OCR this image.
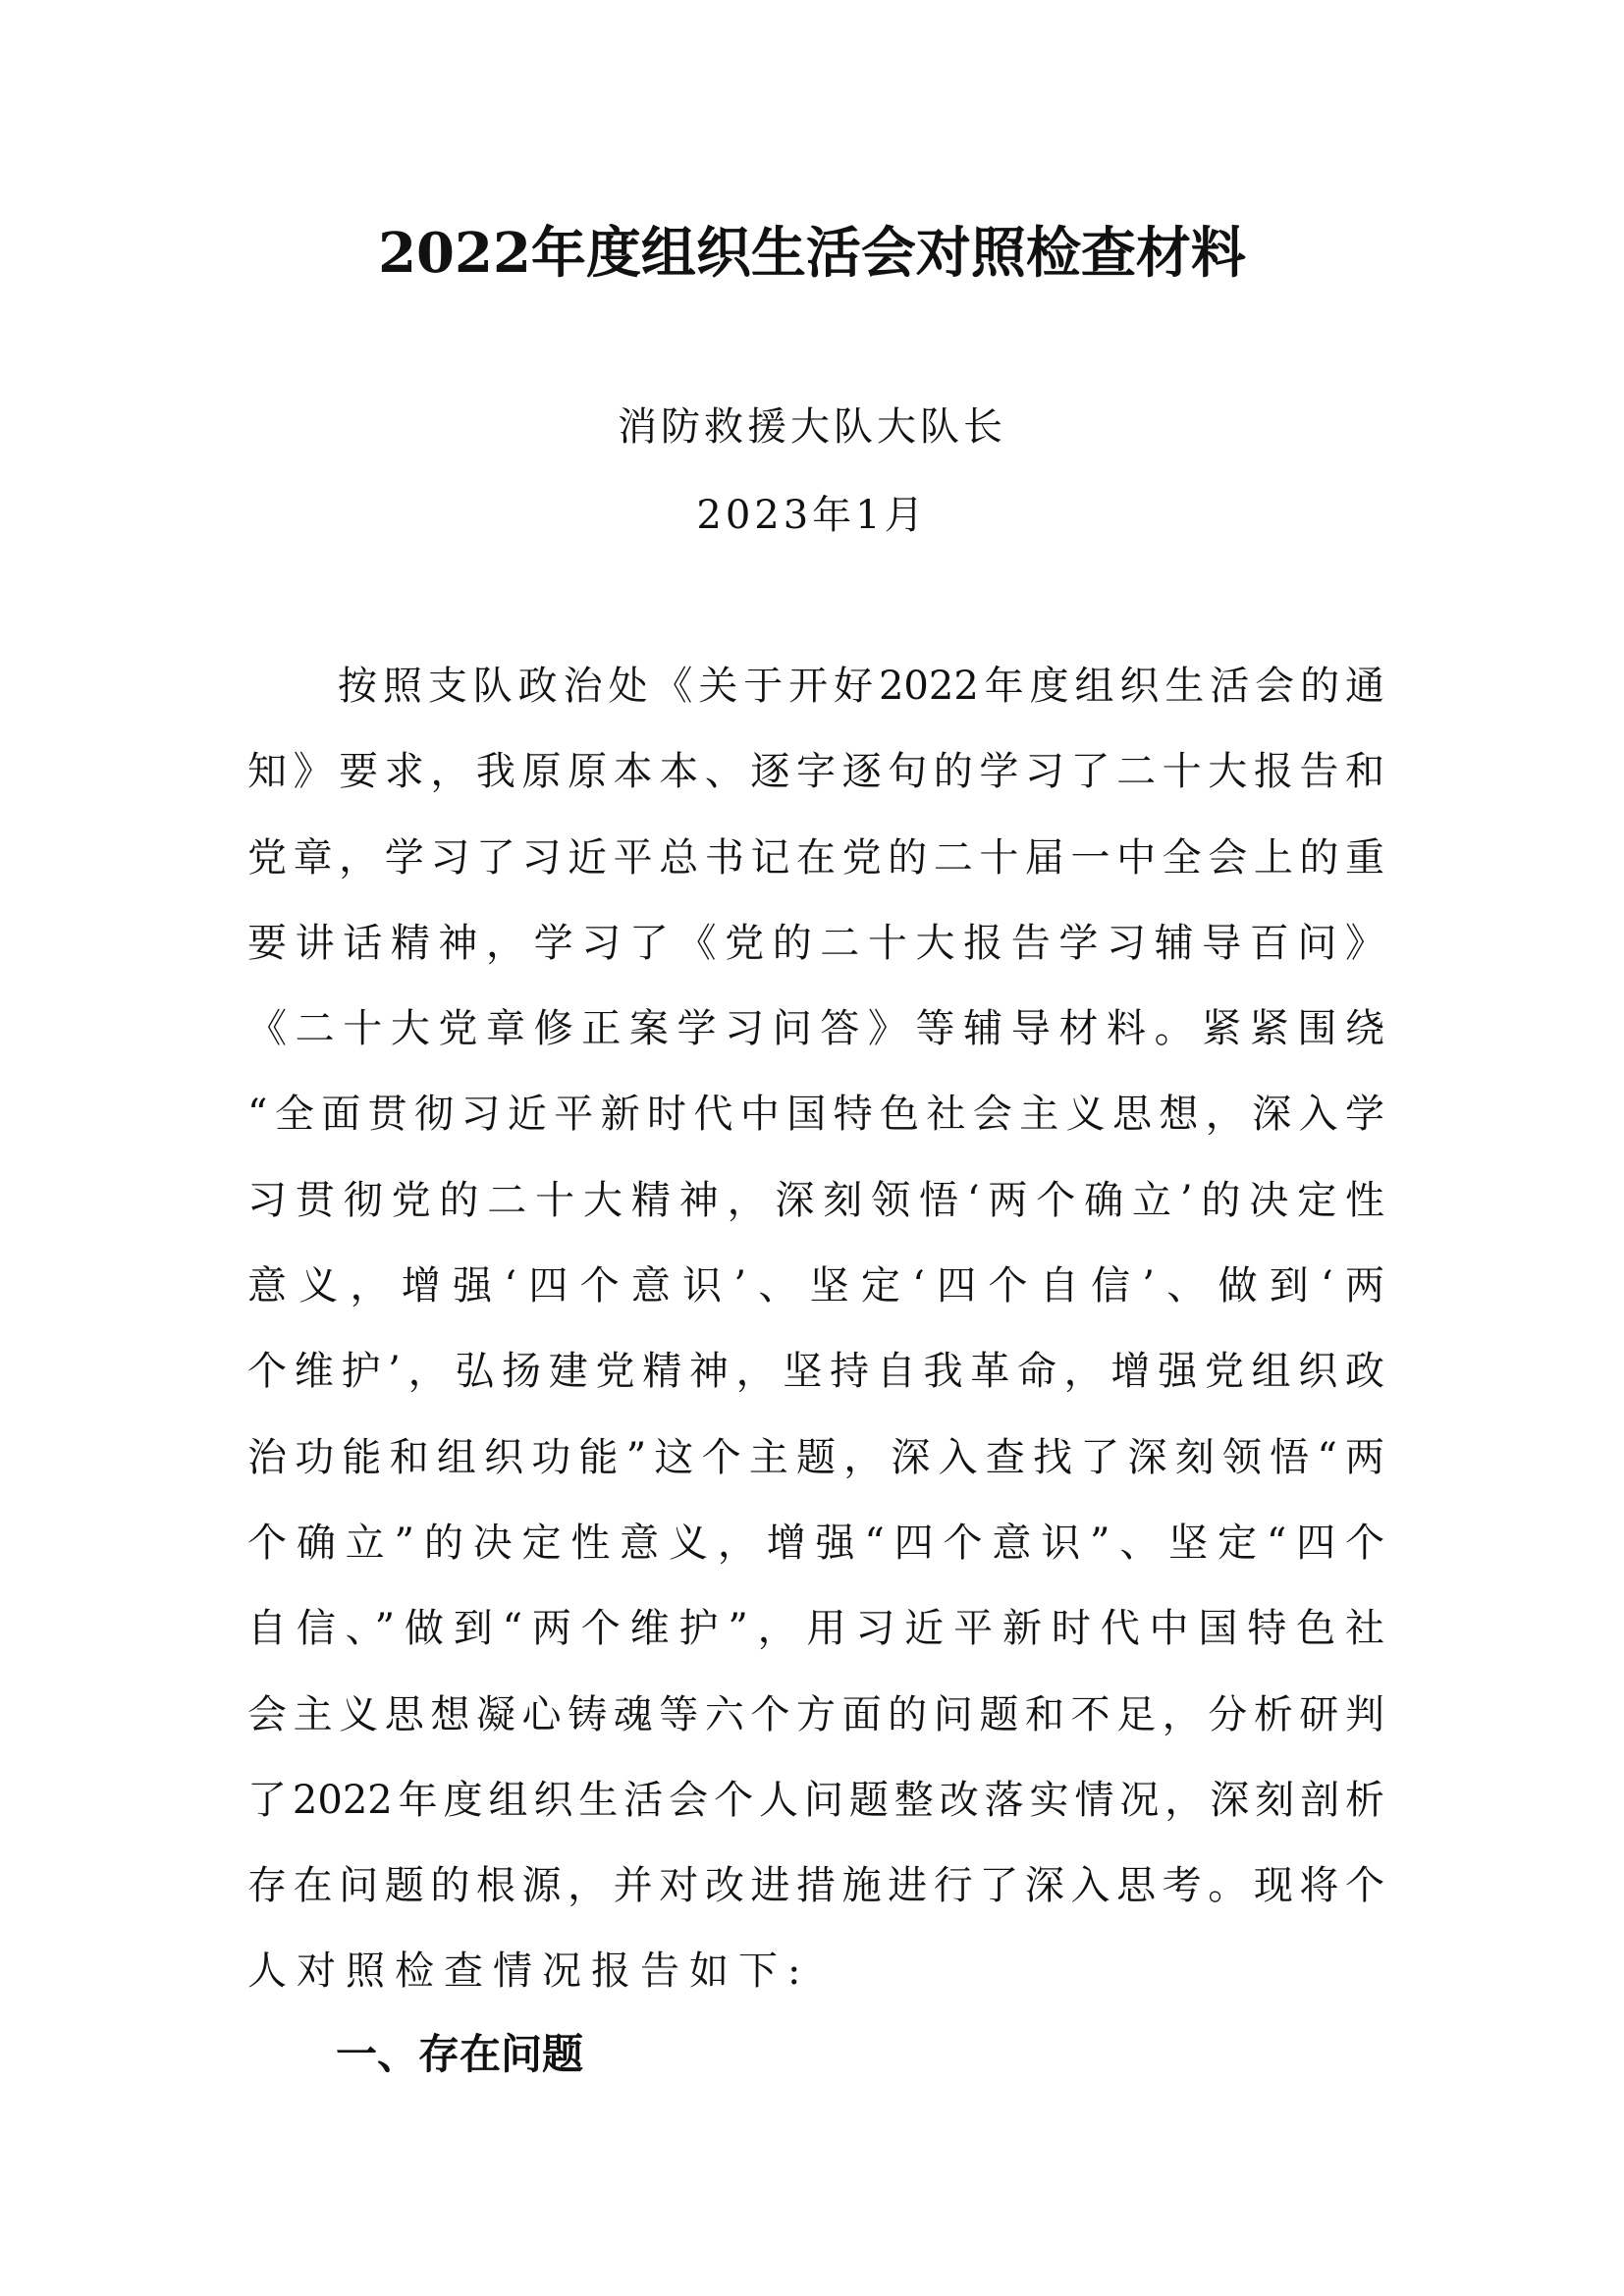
2022年度组织生活会对照检查材料
消防救援大队大队长
2023年1月
按照支队政治处《关于开好2022年度组织生活会的通
知》要求，我原原本本、逐字逐句的学习了二十大报告和
党章，学习了习近平总书记在党的二十届一中全会上的重
要讲话精神，学习了《党的二十大报告学习辅导百问》
《二十大党章修正案学习问答》等辅导材料。紧紧围绕
“全面贯彻习近平新时代中国特色社会主义思想，深入学
习贯彻党的二十大精神，深刻领悟‘两个确立’的决定性
意义，增强‘四个意识’、坚定‘四个自信’、做到‘两
个维护’，弘扬建党精神，坚持自我革命，增强党组织政
治功能和组织功能”这个主题，深入查找了深刻领悟“两
个确立”的决定性意义，增强“四个意识”、坚定“四个
自信、”做到“两个维护”，用习近平新时代中国特色社
会主义思想凝心铸魂等六个方面的问题和不足，分析研判
了2022年度组织生活会个人问题整改落实情况，深刻剖析
存在问题的根源，并对改进措施进行了深入思考。现将个
人对照检查情况报告如下:
一、存在问题
